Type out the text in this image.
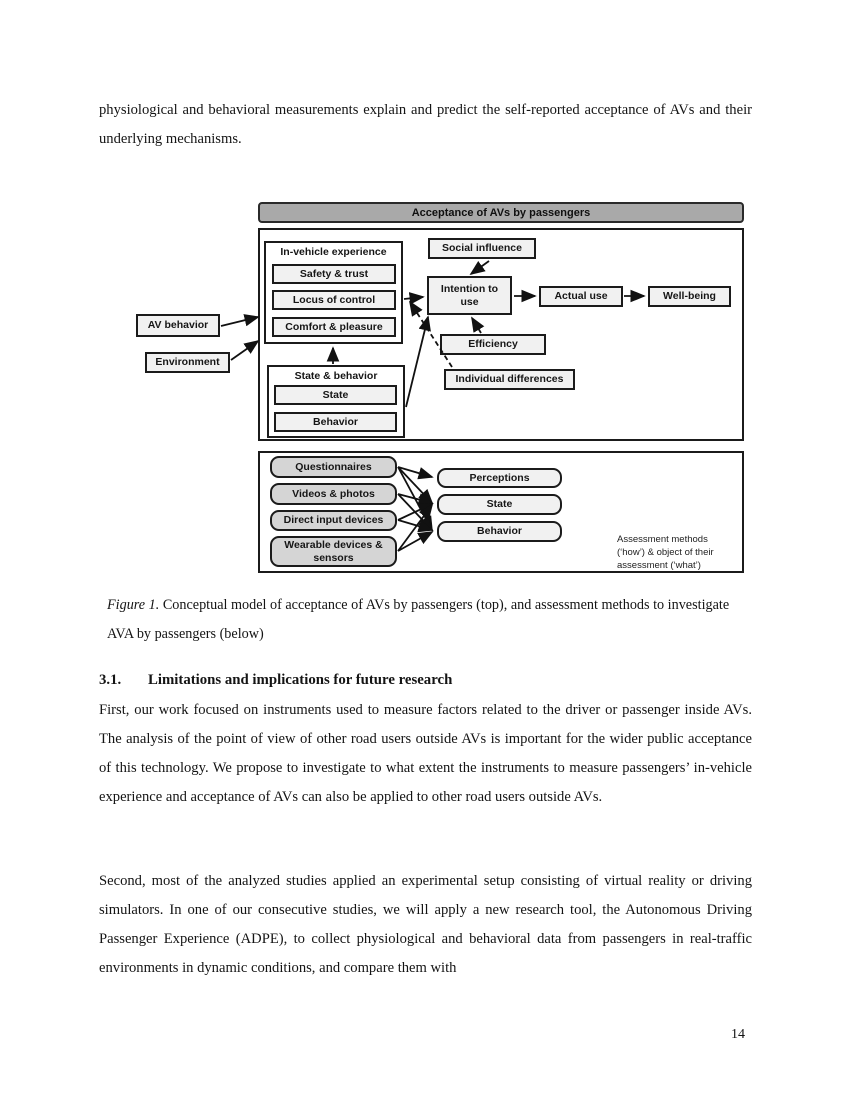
physiological and behavioral measurements explain and predict the self-reported acceptance of AVs and their underlying mechanisms.
Acceptance of AVs by passengers
In-vehicle experience
Safety & trust
Locus of control
Comfort & pleasure
State & behavior
State
Behavior
AV behavior
Environment
Social influence
Intention to use	Actual use	Well-being
Efficiency
Individual differences
Questionnaires
Videos & photos
Direct input devices
Wearable devices & sensors
Perceptions
State
Behavior
Assessment methods
(‘how’) & object of their
assessment (‘what’)
Figure 1. Conceptual model of acceptance of AVs by passengers (top), and assessment methods to investigate AVA by passengers (below)
3.1. Limitations and implications for future research
First, our work focused on instruments used to measure factors related to the driver or passenger inside AVs. The analysis of the point of view of other road users outside AVs is important for the wider public acceptance of this technology. We propose to investigate to what extent the instruments to measure passengers’ in-vehicle experience and acceptance of AVs can also be applied to other road users outside AVs.
Second, most of the analyzed studies applied an experimental setup consisting of virtual reality or driving simulators. In one of our consecutive studies, we will apply a new research tool, the Autonomous Driving Passenger Experience (ADPE), to collect physiological and behavioral data from passengers in real-traffic environments in dynamic conditions, and compare them with
14
